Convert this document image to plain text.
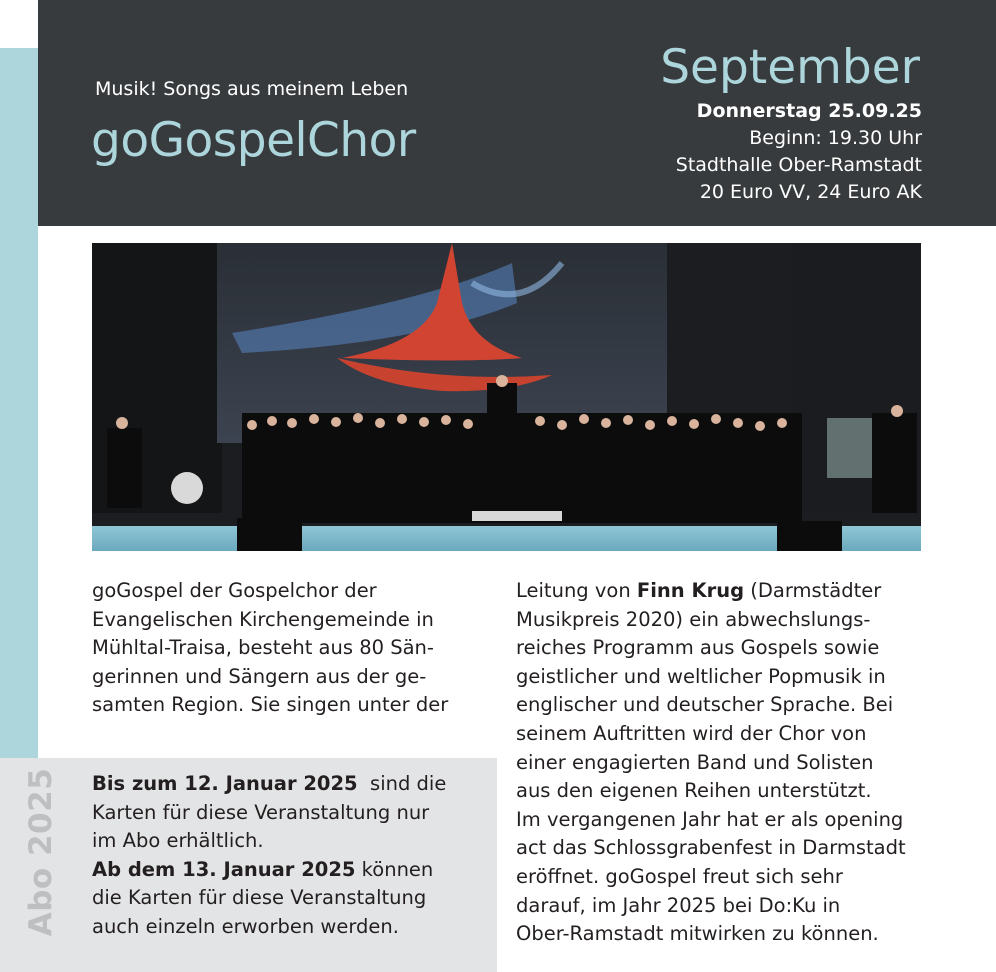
Musik! Songs aus meinem Leben
goGospelChor
September
Donnerstag 25.09.25
Beginn: 19.30 Uhr
Stadthalle Ober-Ramstadt
20 Euro VV, 24 Euro AK
goGospel der Gospelchor der
Evangelischen Kirchengemeinde in
Mühltal-Traisa, besteht aus 80 Sän-
gerinnen und Sängern aus der ge-
samten Region. Sie singen unter der
Leitung von Finn Krug (Darmstädter
Musikpreis 2020) ein abwechslungs-
reiches Programm aus Gospels sowie
geistlicher und weltlicher Popmusik in
englischer und deutscher Sprache. Bei
seinem Auftritten wird der Chor von
einer engagierten Band und Solisten
aus den eigenen Reihen unterstützt.
Im vergangenen Jahr hat er als opening
act das Schlossgrabenfest in Darmstadt
eröffnet. goGospel freut sich sehr
darauf, im Jahr 2025 bei Do:Ku in
Ober-Ramstadt mitwirken zu können.
Abo 2025 Bis zum 12. Januar 2025  sind die
Karten für diese Veranstaltung nur
im Abo erhältlich.
Ab dem 13. Januar 2025 können
die Karten für diese Veranstaltung
auch einzeln erworben werden.
